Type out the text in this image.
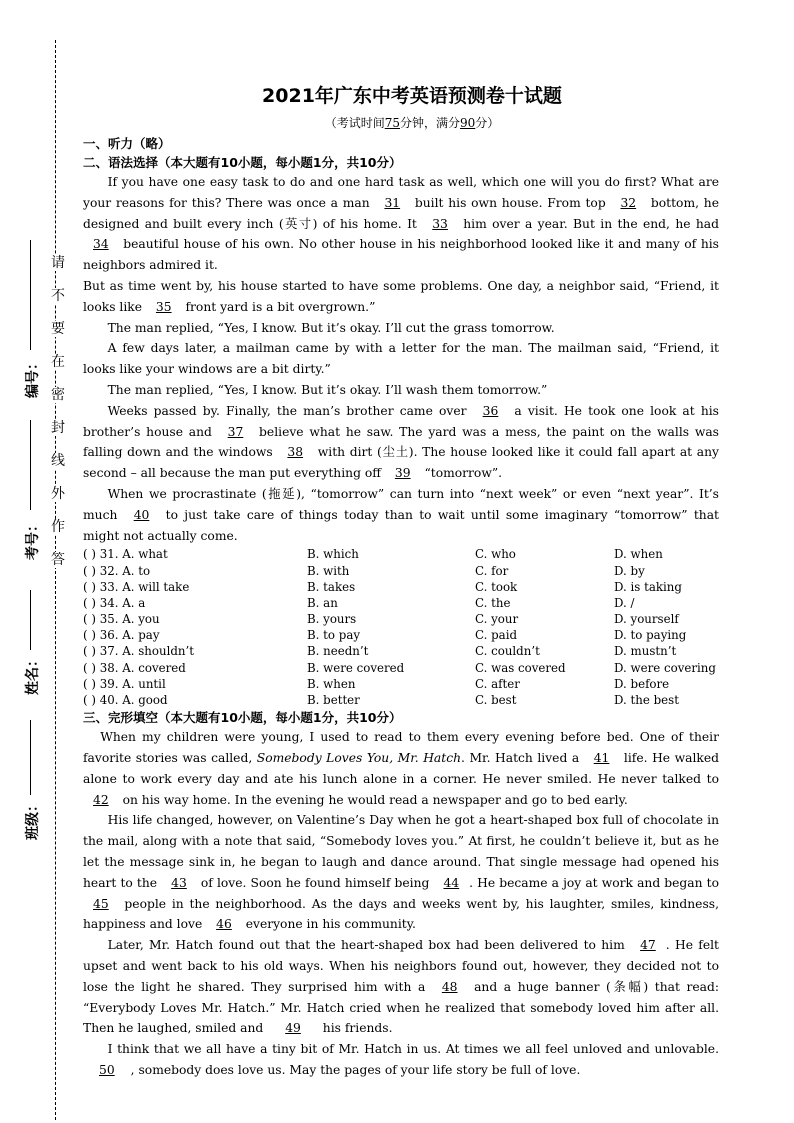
请
不
要
在
密
封
线
外
作
答
编号：
考号：
姓名：
班级：
2021年广东中考英语预测卷十试题
（考试时间75分钟，满分90分）
一、听力（略）
二、语法选择（本大题有10小题，每小题1分，共10分）

If you have one easy task to do and one hard task as well, which one will you do first? What are your reasons for this? There was once a man 31 built his own house. From top 32 bottom, he designed and built every inch (英寸) of his home. It 33 him over a year. But in the end, he had 34 beautiful house of his own. No other house in his neighborhood looked like it and many of his neighbors admired it.

But as time went by, his house started to have some problems. One day, a neighbor said, “Friend, it looks like 35 front yard is a bit overgrown.”

The man replied, “Yes, I know. But it’s okay. I’ll cut the grass tomorrow.

A few days later, a mailman came by with a letter for the man. The mailman said, “Friend, it looks like your windows are a bit dirty.”

The man replied, “Yes, I know. But it’s okay. I’ll wash them tomorrow.”

Weeks passed by. Finally, the man’s brother came over 36 a visit. He took one look at his brother’s house and 37 believe what he saw. The yard was a mess, the paint on the walls was falling down and the windows 38 with dirt (尘土). The house looked like it could fall apart at any second – all because the man put everything off 39 “tomorrow”.

When we procrastinate (拖延), “tomorrow” can turn into “next week” or even “next year”. It’s much 40 to just take care of things today than to wait until some imaginary “tomorrow” that might not actually come.

( ) 31. A. what	B. which	C. who	D. when
( ) 32. A. to	B. with	C. for	D. by
( ) 33. A. will take	B. takes	C. took	D. is taking
( ) 34. A. a	B. an	C. the	D. /
( ) 35. A. you	B. yours	C. your	D. yourself
( ) 36. A. pay	B. to pay	C. paid	D. to paying
( ) 37. A. shouldn’t	B. needn’t	C. couldn’t	D. mustn’t
( ) 38. A. covered	B. were covered	C. was covered	D. were covering
( ) 39. A. until	B. when	C. after	D. before
( ) 40. A. good	B. better	C. best	D. the best
三、完形填空（本大题有10小题，每小题1分，共10分）

When my children were young, I used to read to them every evening before bed. One of their favorite stories was called, Somebody Loves You, Mr. Hatch. Mr. Hatch lived a 41 life. He walked alone to work every day and ate his lunch alone in a corner. He never smiled. He never talked to 42 on his way home. In the evening he would read a newspaper and go to bed early.

His life changed, however, on Valentine’s Day when he got a heart-shaped box full of chocolate in the mail, along with a note that said, “Somebody loves you.” At first, he couldn’t believe it, but as he let the message sink in, he began to laugh and dance around. That single message had opened his heart to the 43 of love. Soon he found himself being 44 . He became a joy at work and began to 45 people in the neighborhood. As the days and weeks went by, his laughter, smiles, kindness, happiness and love 46 everyone in his community.

Later, Mr. Hatch found out that the heart-shaped box had been delivered to him 47 . He felt upset and went back to his old ways. When his neighbors found out, however, they decided not to lose the light he shared. They surprised him with a 48 and a huge banner (条幅) that read: “Everybody Loves Mr. Hatch.” Mr. Hatch cried when he realized that somebody loved him after all. Then he laughed, smiled and 49 his friends.

I think that we all have a tiny bit of Mr. Hatch in us. At times we all feel unloved and unlovable. 50 , somebody does love us. May the pages of your life story be full of love.
